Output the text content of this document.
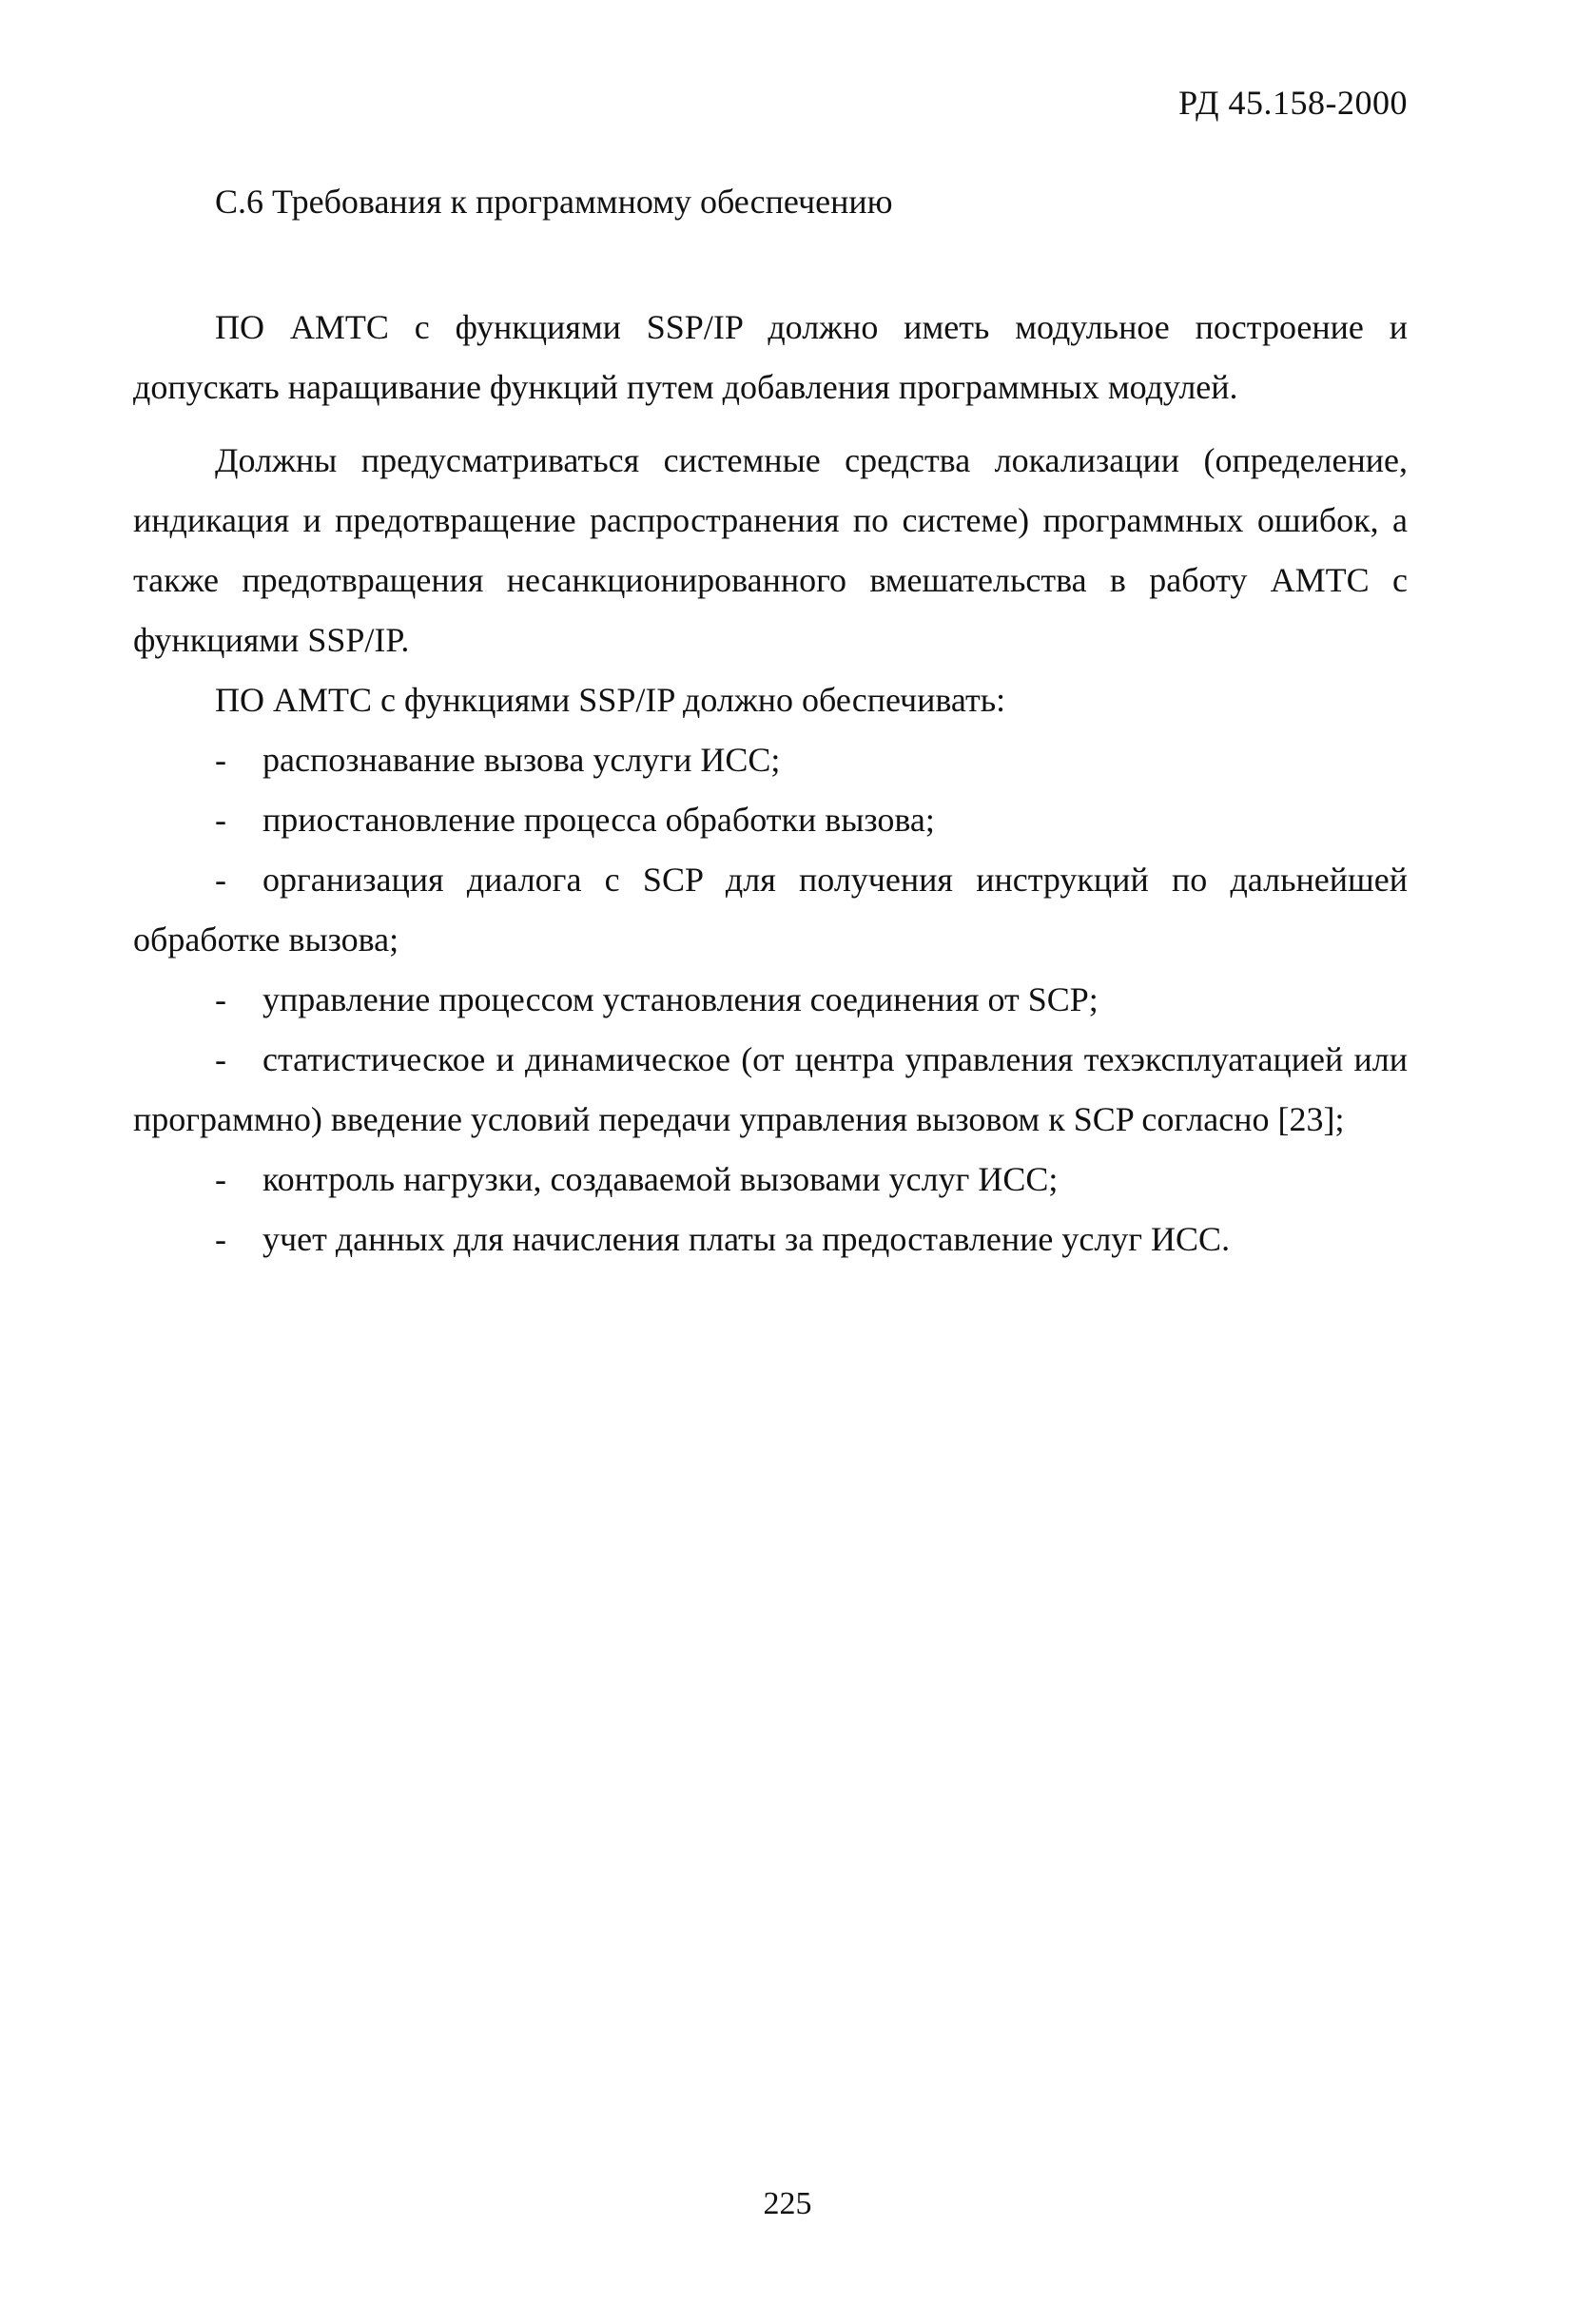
РД 45.158-2000
С.6 Требования к программному обеспечению

ПО АМТС с функциями SSP/IP должно иметь модульное построение и допускать наращивание функций путем добавления программных модулей.

Должны предусматриваться системные средства локализации (определение, индикация и предотвращение распространения по системе) программных ошибок, а также предотвращения несанкционированного вмешательства в работу АМТС с функциями SSP/IP.

ПО АМТС с функциями SSP/IP должно обеспечивать:

- распознавание вызова услуги ИСС;
- приостановление процесса обработки вызова;
- организация диалога с SCP для получения инструкций по дальнейшей обработке вызова;
- управление процессом установления соединения от SCP;
- статистическое и динамическое (от центра управления техэксплуатацией или программно) введение условий передачи управления вызовом к SCP согласно [23];
- контроль нагрузки, создаваемой вызовами услуг ИСС;
- учет данных для начисления платы за предоставление услуг ИСС.
225
